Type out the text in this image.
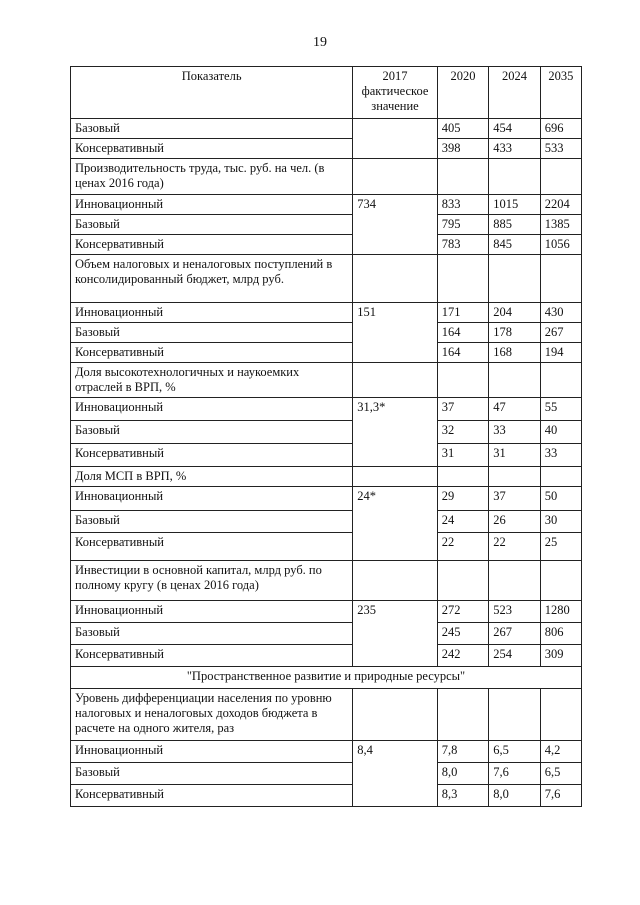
19
Показатель	2017 фактическое значение	2020	2024	2035
Базовый		405	454	696
Консервативный		398	433	533
Производительность труда, тыс. руб. на чел. (в ценах 2016 года)				
Инновационный	734	833	1015	2204
Базовый		795	885	1385
Консервативный		783	845	1056
Объем налоговых и неналоговых поступлений в консолидированный бюджет, млрд руб.				
Инновационный	151	171	204	430
Базовый		164	178	267
Консервативный		164	168	194
Доля высокотехнологичных и наукоемких отраслей в ВРП, %				
Инновационный	31,3*	37	47	55
Базовый		32	33	40
Консервативный		31	31	33
Доля МСП в ВРП, %				
Инновационный	24*	29	37	50
Базовый		24	26	30
Консервативный		22	22	25
Инвестиции в основной капитал, млрд руб. по полному кругу (в ценах 2016 года)				
Инновационный	235	272	523	1280
Базовый		245	267	806
Консервативный		242	254	309
"Пространственное развитие и природные ресурсы"				
Уровень дифференциации населения по уровню налоговых и неналоговых доходов бюджета в расчете на одного жителя, раз				
Инновационный	8,4	7,8	6,5	4,2
Базовый		8,0	7,6	6,5
Консервативный		8,3	8,0	7,6
